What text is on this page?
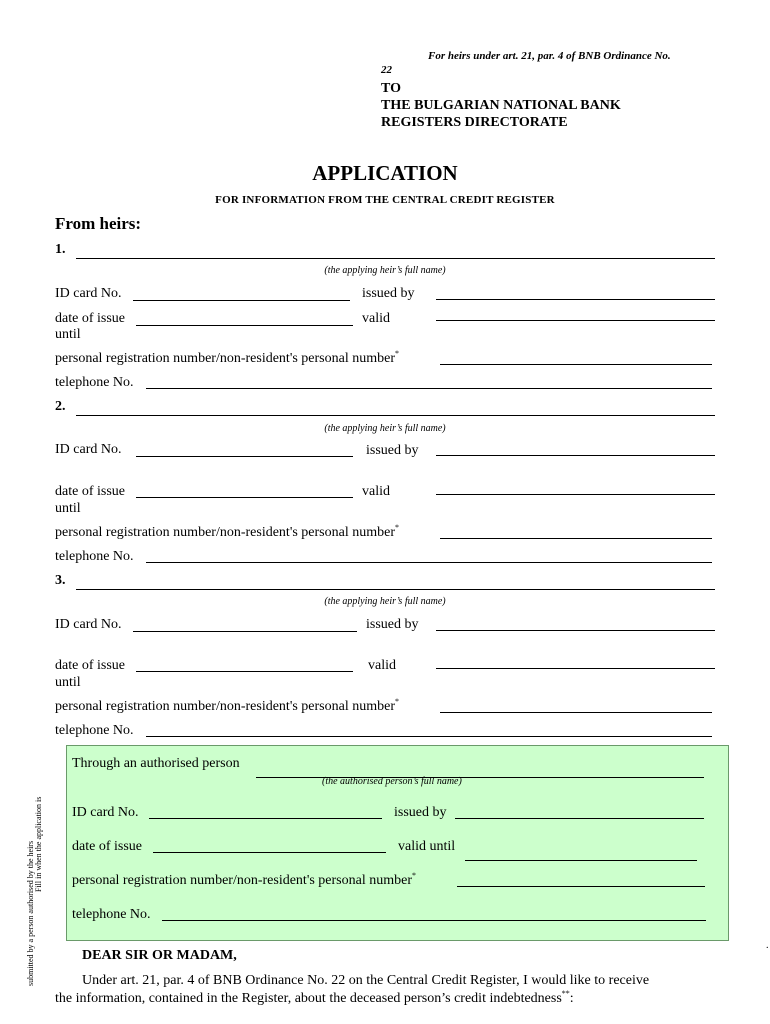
For heirs under art. 21, par. 4 of BNB Ordinance No.
22
TO
THE BULGARIAN NATIONAL BANK
REGISTERS DIRECTORATE
APPLICATION
FOR INFORMATION FROM THE CENTRAL CREDIT REGISTER
From heirs:
1.
(the applying heir’s full name)
ID card No.	issued by
date of issue	valid
until
personal registration number/non-resident's personal number*
telephone No.
2.
(the applying heir’s full name)
ID card No.	issued by
date of issue	valid
until
personal registration number/non-resident's personal number*
telephone No.
3.
(the applying heir’s full name)
ID card No.	issued by
date of issue	valid
until
personal registration number/non-resident's personal number*
telephone No.
Through an authorised person
(the authorised person’s full name)
ID card No.	issued by
date of issue	valid until
personal registration number/non-resident's personal number*
telephone No.
submitted by a person authorised by the heirs Fill in when the application is
DEAR SIR OR MADAM,
Under art. 21, par. 4 of BNB Ordinance No. 22 on the Central Credit Register, I would like to receive
the information, contained in the Register, about the deceased person’s credit indebtedness**:
.
